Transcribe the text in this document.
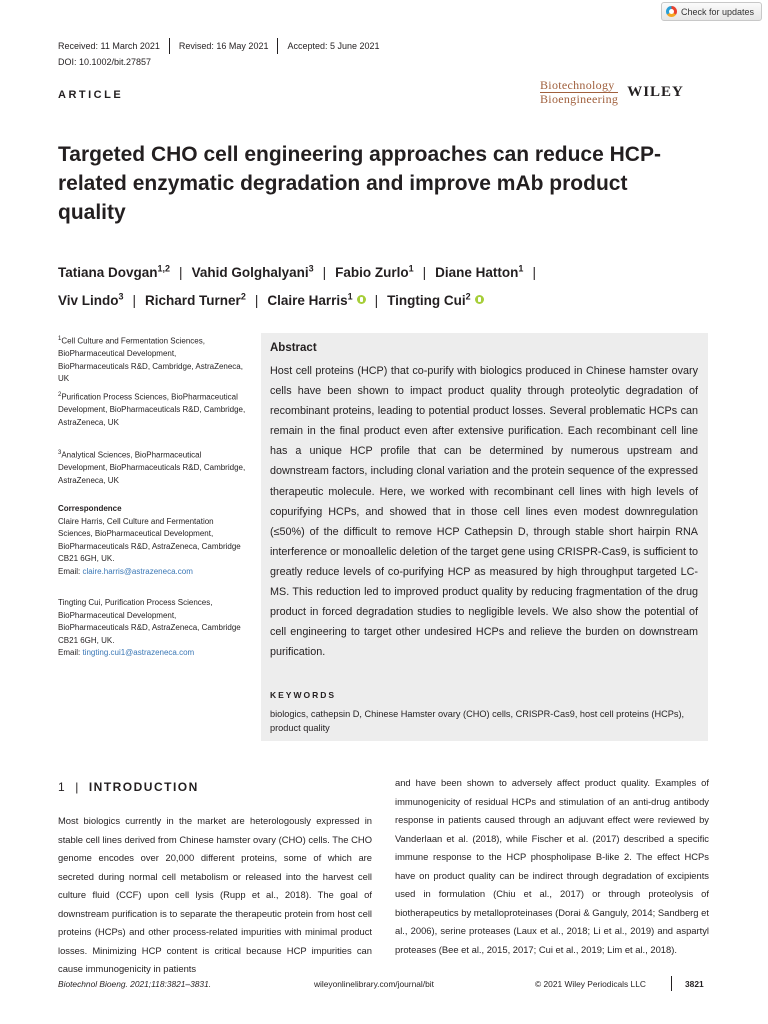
Check for updates
Received: 11 March 2021 Revised: 16 May 2021 Accepted: 5 June 2021
DOI: 10.1002/bit.27857
ARTICLE
Biotechnology
Bioengineering WILEY
Targeted CHO cell engineering approaches can reduce HCP-related enzymatic degradation and improve mAb product quality
Tatiana Dovgan$^{1,2}$ | Vahid Golghalyani$^3$ | Fabio Zurlo$^1$ | Diane Hatton$^1$ |
Viv Lindo$^3$ | Richard Turner$^2$ | Claire Harris$^1$ | Tingting Cui$^2$
$^1$Cell Culture and Fermentation Sciences, BioPharmaceutical Development, BioPharmaceuticals R&D, Cambridge, AstraZeneca, UK
$^2$Purification Process Sciences, BioPharmaceutical Development, BioPharmaceuticals R&D, Cambridge, AstraZeneca, UK
$^3$Analytical Sciences, BioPharmaceutical Development, BioPharmaceuticals R&D, Cambridge, AstraZeneca, UK
Correspondence
Claire Harris, Cell Culture and Fermentation Sciences, BioPharmaceutical Development, BioPharmaceuticals R&D, AstraZeneca, Cambridge CB21 6GH, UK.
Email: claire.harris@astrazeneca.com
Tingting Cui, Purification Process Sciences, BioPharmaceutical Development, BioPharmaceuticals R&D, AstraZeneca, Cambridge CB21 6GH, UK.
Email: tingting.cui1@astrazeneca.com
Abstract
Host cell proteins (HCP) that co-purify with biologics produced in Chinese hamster ovary cells have been shown to impact product quality through proteolytic degradation of recombinant proteins, leading to potential product losses. Several problematic HCPs can remain in the final product even after extensive purification. Each recombinant cell line has a unique HCP profile that can be determined by numerous upstream and downstream factors, including clonal variation and the protein sequence of the expressed therapeutic molecule. Here, we worked with recombinant cell lines with high levels of copurifying HCPs, and showed that in those cell lines even modest downregulation (≤50%) of the difficult to remove HCP Cathepsin D, through stable short hairpin RNA interference or monoallelic deletion of the target gene using CRISPR-Cas9, is sufficient to greatly reduce levels of co-purifying HCP as measured by high throughput targeted LC-MS. This reduction led to improved product quality by reducing fragmentation of the drug product in forced degradation studies to negligible levels. We also show the potential of cell engineering to target other undesired HCPs and relieve the burden on downstream purification.
KEYWORDS
biologics, cathepsin D, Chinese Hamster ovary (CHO) cells, CRISPR-Cas9, host cell proteins (HCPs), product quality
1 | INTRODUCTION
Most biologics currently in the market are heterologously expressed in stable cell lines derived from Chinese hamster ovary (CHO) cells. The CHO genome encodes over 20,000 different proteins, some of which are secreted during normal cell metabolism or released into the harvest cell culture fluid (CCF) upon cell lysis (Rupp et al., 2018). The goal of downstream purification is to separate the therapeutic protein from host cell proteins (HCPs) and other process-related impurities with minimal product losses. Minimizing HCP content is critical because HCP impurities can cause immunogenicity in patients
and have been shown to adversely affect product quality. Examples of immunogenicity of residual HCPs and stimulation of an anti-drug antibody response in patients caused through an adjuvant effect were reviewed by Vanderlaan et al. (2018), while Fischer et al. (2017) described a specific immune response to the HCP phospholipase B-like 2. The effect HCPs have on product quality can be indirect through degradation of excipients used in formulation (Chiu et al., 2017) or through proteolysis of biotherapeutics by metalloproteinases (Dorai & Ganguly, 2014; Sandberg et al., 2006), serine proteases (Laux et al., 2018; Li et al., 2019) and aspartyl proteases (Bee et al., 2015, 2017; Cui et al., 2019; Lim et al., 2018).
Biotechnol Bioeng. 2021;118:3821–3831.	wileyonlinelibrary.com/journal/bit	© 2021 Wiley Periodicals LLC	3821
